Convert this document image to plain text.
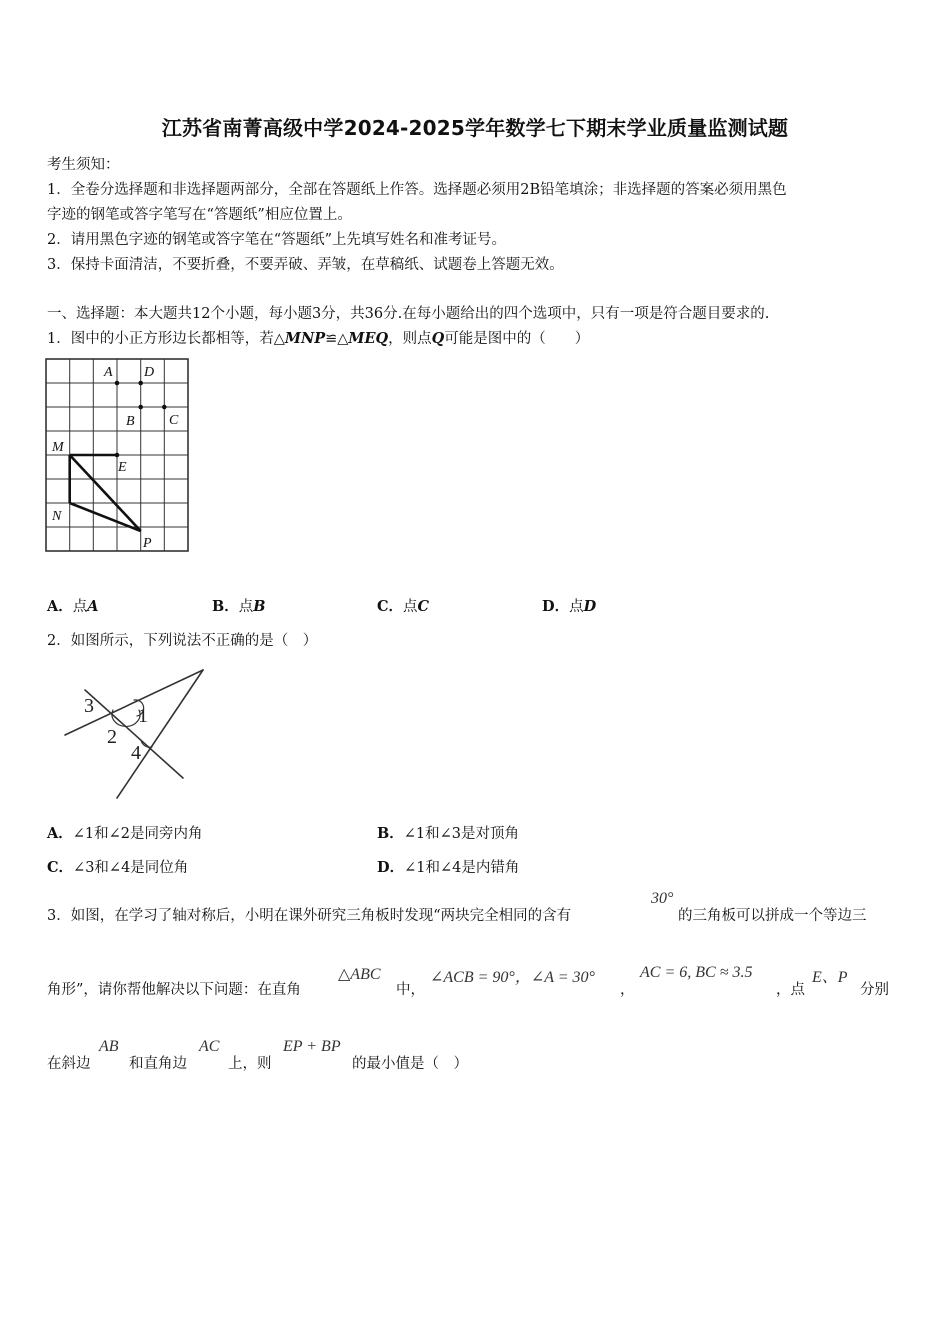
江苏省南菁高级中学2024-2025学年数学七下期末学业质量监测试题
考生须知：
1．全卷分选择题和非选择题两部分，全部在答题纸上作答。选择题必须用2B铅笔填涂；非选择题的答案必须用黑色
字迹的钢笔或答字笔写在“答题纸”相应位置上。
2．请用黑色字迹的钢笔或答字笔在“答题纸”上先填写姓名和准考证号。
3．保持卡面清洁，不要折叠，不要弄破、弄皱，在草稿纸、试题卷上答题无效。
一、选择题：本大题共12个小题，每小题3分，共36分.在每小题给出的四个选项中，只有一项是符合题目要求的.
1．图中的小正方形边长都相等，若△MNP≌△MEQ，则点Q可能是图中的（　　）
A D
B C
M
E
N
P
A．点A	B．点B	C．点C	D．点D
2．如图所示，下列说法不正确的是（　）
3 1
2
4
A．∠1和∠2是同旁内角	B．∠1和∠3是对顶角
C．∠3和∠4是同位角	D．∠1和∠4是内错角
3．如图，在学习了轴对称后，小明在课外研究三角板时发现“两块完全相同的含有
30°
的三角板可以拼成一个等边三
角形”，请你帮他解决以下问题：在直角
△ABC
中，
∠ACB = 90°，∠A = 30°
，
AC = 6, BC ≈ 3.5
，点
E、P
分别
在斜边
AB
和直角边
AC
上，则
EP + BP
的最小值是（　）
